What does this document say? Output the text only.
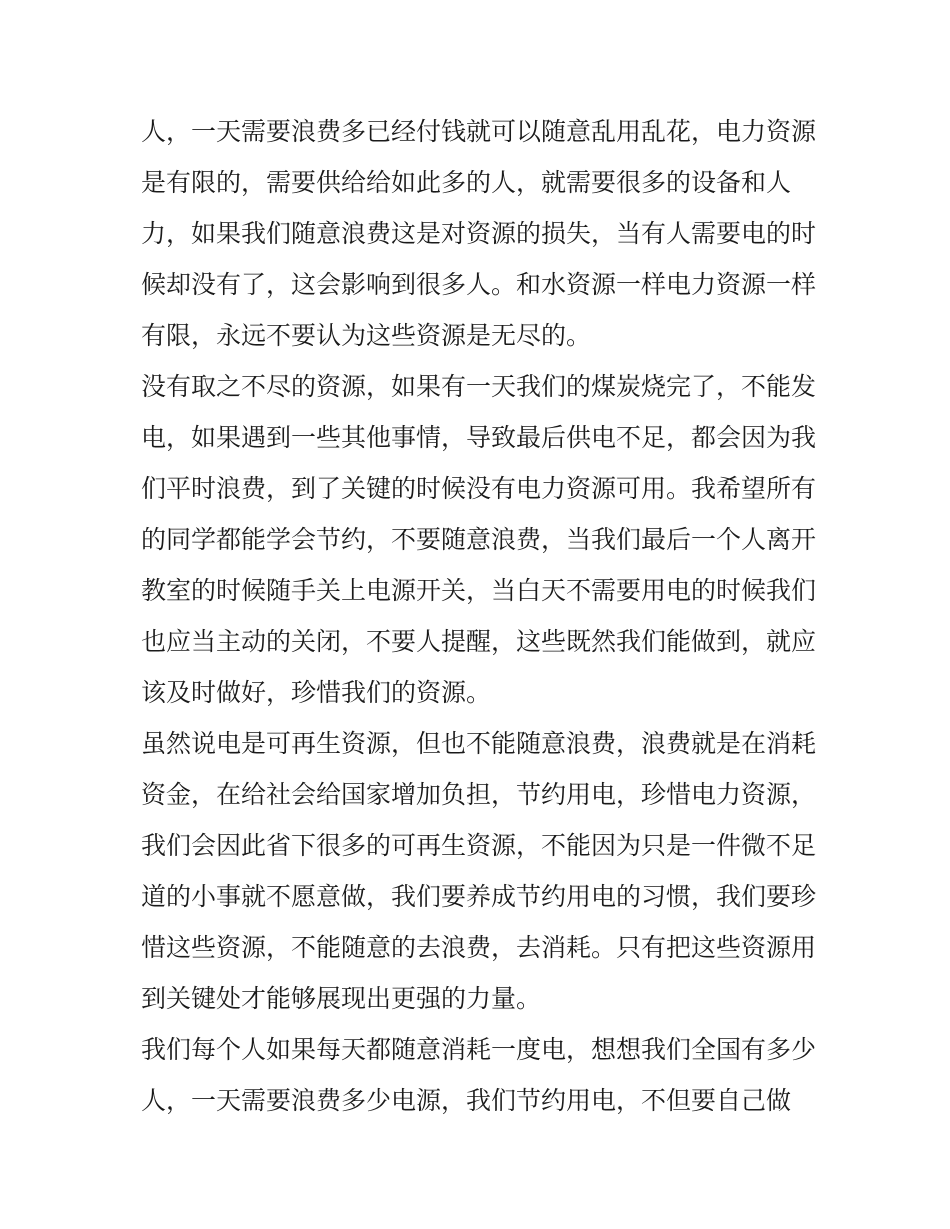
人，一天需要浪费多已经付钱就可以随意乱用乱花，电力资源
是有限的，需要供给给如此多的人，就需要很多的设备和人
力，如果我们随意浪费这是对资源的损失，当有人需要电的时
候却没有了，这会影响到很多人。和水资源一样电力资源一样
有限，永远不要认为这些资源是无尽的。
没有取之不尽的资源，如果有一天我们的煤炭烧完了，不能发
电，如果遇到一些其他事情，导致最后供电不足，都会因为我
们平时浪费，到了关键的时候没有电力资源可用。我希望所有
的同学都能学会节约，不要随意浪费，当我们最后一个人离开
教室的时候随手关上电源开关，当白天不需要用电的时候我们
也应当主动的关闭，不要人提醒，这些既然我们能做到，就应
该及时做好，珍惜我们的资源。
虽然说电是可再生资源，但也不能随意浪费，浪费就是在消耗
资金，在给社会给国家增加负担，节约用电，珍惜电力资源，
我们会因此省下很多的可再生资源，不能因为只是一件微不足
道的小事就不愿意做，我们要养成节约用电的习惯，我们要珍
惜这些资源，不能随意的去浪费，去消耗。只有把这些资源用
到关键处才能够展现出更强的力量。
我们每个人如果每天都随意消耗一度电，想想我们全国有多少
人，一天需要浪费多少电源，我们节约用电，不但要自己做
